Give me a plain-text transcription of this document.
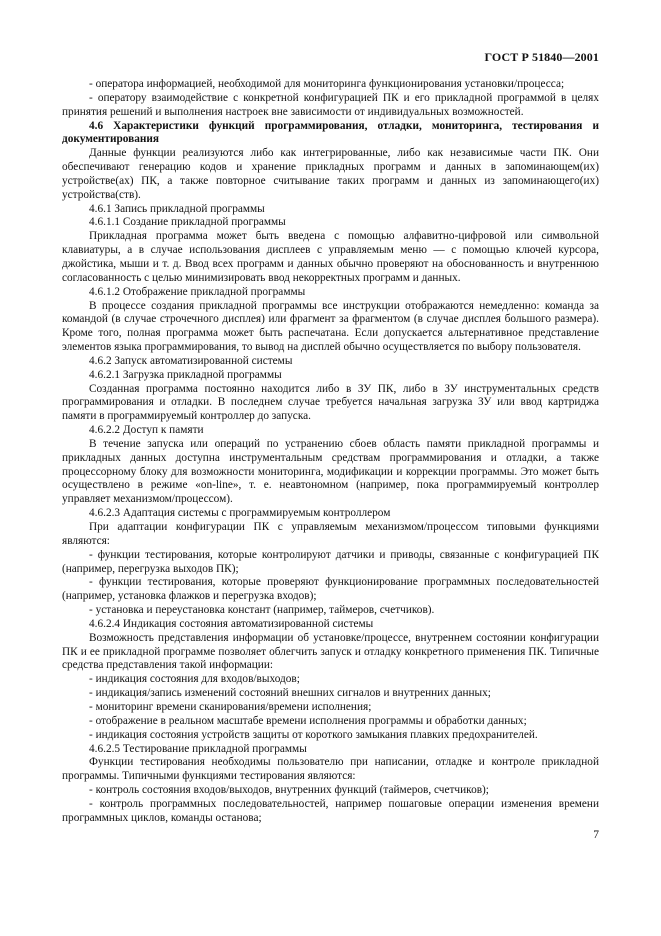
ГОСТ Р 51840—2001

- оператора информацией, необходимой для мониторинга функционирования установки/процесса;

- оператору взаимодействие с конкретной конфигурацией ПК и его прикладной программой в целях принятия решений и выполнения настроек вне зависимости от индивидуальных возможностей.

4.6 Характеристики функций программирования, отладки, мониторинга, тестирования и документирования

Данные функции реализуются либо как интегрированные, либо как независимые части ПК. Они обеспечивают генерацию кодов и хранение прикладных программ и данных в запоминающем(их) устройстве(ах) ПК, а также повторное считывание таких программ и данных из запоминающего(их) устройства(ств).

4.6.1 Запись прикладной программы

4.6.1.1 Создание прикладной программы

Прикладная программа может быть введена с помощью алфавитно-цифровой или символьной клавиатуры, а в случае использования дисплеев с управляемым меню — с помощью ключей курсора, джойстика, мыши и т. д. Ввод всех программ и данных обычно проверяют на обоснованность и внутреннюю согласованность с целью минимизировать ввод некорректных программ и данных.

4.6.1.2 Отображение прикладной программы

В процессе создания прикладной программы все инструкции отображаются немедленно: команда за командой (в случае строчечного дисплея) или фрагмент за фрагментом (в случае дисплея большого размера). Кроме того, полная программа может быть распечатана. Если допускается альтернативное представление элементов языка программирования, то вывод на дисплей обычно осуществляется по выбору пользователя.

4.6.2 Запуск автоматизированной системы

4.6.2.1 Загрузка прикладной программы

Созданная программа постоянно находится либо в ЗУ ПК, либо в ЗУ инструментальных средств программирования и отладки. В последнем случае требуется начальная загрузка ЗУ или ввод картриджа памяти в программируемый контроллер до запуска.

4.6.2.2 Доступ к памяти

В течение запуска или операций по устранению сбоев область памяти прикладной программы и прикладных данных доступна инструментальным средствам программирования и отладки, а также процессорному блоку для возможности мониторинга, модификации и коррекции программы. Это может быть осуществлено в режиме «on-line», т. е. неавтономном (например, пока программируемый контроллер управляет механизмом/процессом).

4.6.2.3 Адаптация системы с программируемым контроллером

При адаптации конфигурации ПК с управляемым механизмом/процессом типовыми функциями являются:

- функции тестирования, которые контролируют датчики и приводы, связанные с конфигурацией ПК (например, перегрузка выходов ПК);

- функции тестирования, которые проверяют функционирование программных последовательностей (например, установка флажков и перегрузка входов);

- установка и переустановка констант (например, таймеров, счетчиков).

4.6.2.4 Индикация состояния автоматизированной системы

Возможность представления информации об установке/процессе, внутреннем состоянии конфигурации ПК и ее прикладной программе позволяет облегчить запуск и отладку конкретного применения ПК. Типичные средства представления такой информации:

- индикация состояния для входов/выходов;

- индикация/запись изменений состояний внешних сигналов и внутренних данных;

- мониторинг времени сканирования/времени исполнения;

- отображение в реальном масштабе времени исполнения программы и обработки данных;

- индикация состояния устройств защиты от короткого замыкания плавких предохранителей.

4.6.2.5 Тестирование прикладной программы

Функции тестирования необходимы пользователю при написании, отладке и контроле прикладной программы. Типичными функциями тестирования являются:

- контроль состояния входов/выходов, внутренних функций (таймеров, счетчиков);

- контроль программных последовательностей, например пошаговые операции изменения времени программных циклов, команды останова;

7
